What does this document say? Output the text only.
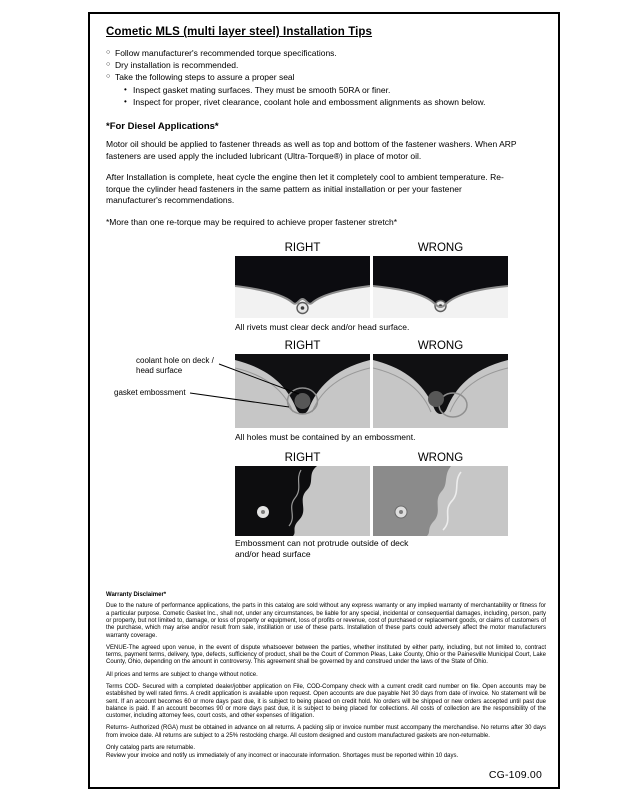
Cometic MLS (multi layer steel) Installation Tips
○ Follow manufacturer's recommended torque specifications.
○ Dry installation is recommended.
○ Take the following steps to assure a proper seal
• Inspect gasket mating surfaces. They must be smooth 50RA or finer.
• Inspect for proper, rivet clearance, coolant hole and embossment alignments as shown below.
*For Diesel Applications*
Motor oil should be applied to fastener threads as well as top and bottom of the fastener washers. When ARP fasteners are used apply the included lubricant (Ultra-Torque®) in place of motor oil.
After Installation is complete, heat cycle the engine then let it completely cool to ambient temperature. Re-torque the cylinder head fasteners in the same pattern as initial installation or per your fastener manufacturer's recommendations.
*More than one re-torque may be required to achieve proper fastener stretch*
RIGHT	WRONG
All rivets must clear deck and/or head surface.
RIGHT	WRONG
coolant hole on deck / head surface
gasket embossment
All holes must be contained by an embossment.
RIGHT	WRONG
Embossment can not protrude outside of deck and/or head surface
Warranty Disclaimer*

Due to the nature of performance applications, the parts in this catalog are sold without any express warranty or any implied warranty of merchantability or fitness for a particular purpose. Cometic Gasket Inc., shall not, under any circumstances, be liable for any special, incidental or consequential damages, including, person, party or property, but not limited to, damage, or loss of property or equipment, loss of profits or revenue, cost of purchased or replacement goods, or claims of customers of the purchase, which may arise and/or result from sale, instillation or use of these parts. Installation of these parts could adversely affect the motor manufacturers warranty coverage.

VENUE-The agreed upon venue, in the event of dispute whatsoever between the parties, whether instituted by either party, including, but not limited to, contract terms, payment terms, delivery, type, defects, sufficiency of product, shall be the Court of Common Pleas, Lake County, Ohio or the Painesville Municipal Court, Lake County, Ohio, depending on the amount in controversy. This agreement shall be governed by and construed under the laws of the State of Ohio.

All prices and terms are subject to change without notice.

Terms COD- Secured with a completed dealer/jobber application on File, COD-Company check with a current credit card number on file. Open accounts may be established by well rated firms. A credit application is available upon request. Open accounts are due payable Net 30 days from date of invoice. No statement will be sent. If an account becomes 60 or more days past due, it is subject to being placed on credit hold. No orders will be shipped or new orders accepted until past due balance is paid. If an account becomes 90 or more days past due, it is subject to being placed for collections. All costs of collection are the responsibility of the customer, including attorney fees, court costs, and other expenses of litigation.

Returns- Authorized (RGA) must be obtained in advance on all returns. A packing slip or invoice number must accompany the merchandise. No returns after 30 days from invoice date. All returns are subject to a 25% restocking charge. All custom designed and custom manufactured gaskets are non-returnable.

Only catalog parts are returnable.

Review your invoice and notify us immediately of any incorrect or inaccurate information. Shortages must be reported within 10 days.

CG-109.00
